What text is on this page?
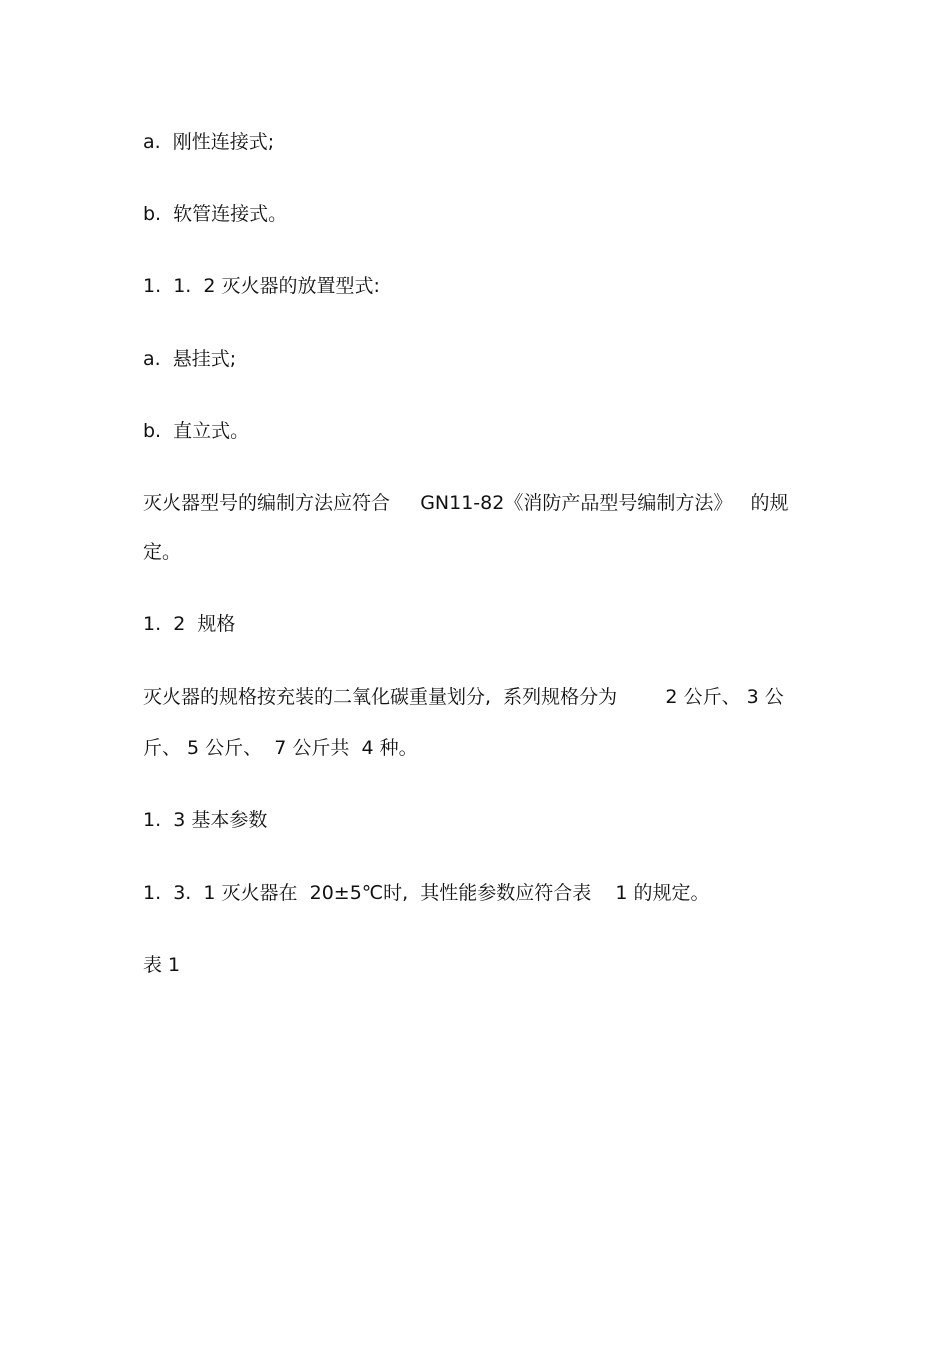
a.  刚性连接式;

b.  软管连接式。

1.  1.  2 灭火器的放置型式:

a.  悬挂式;

b.  直立式。

灭火器型号的编制方法应符合     GN11-82《消防产品型号编制方法》   的规

定。

1.  2  规格

灭火器的规格按充装的二氧化碳重量划分,  系列规格分为        2 公斤、 3 公

斤、 5 公斤、  7 公斤共  4 种。

1.  3 基本参数

1.  3.  1 灭火器在  20±5℃时,  其性能参数应符合表    1 的规定。

表 1
